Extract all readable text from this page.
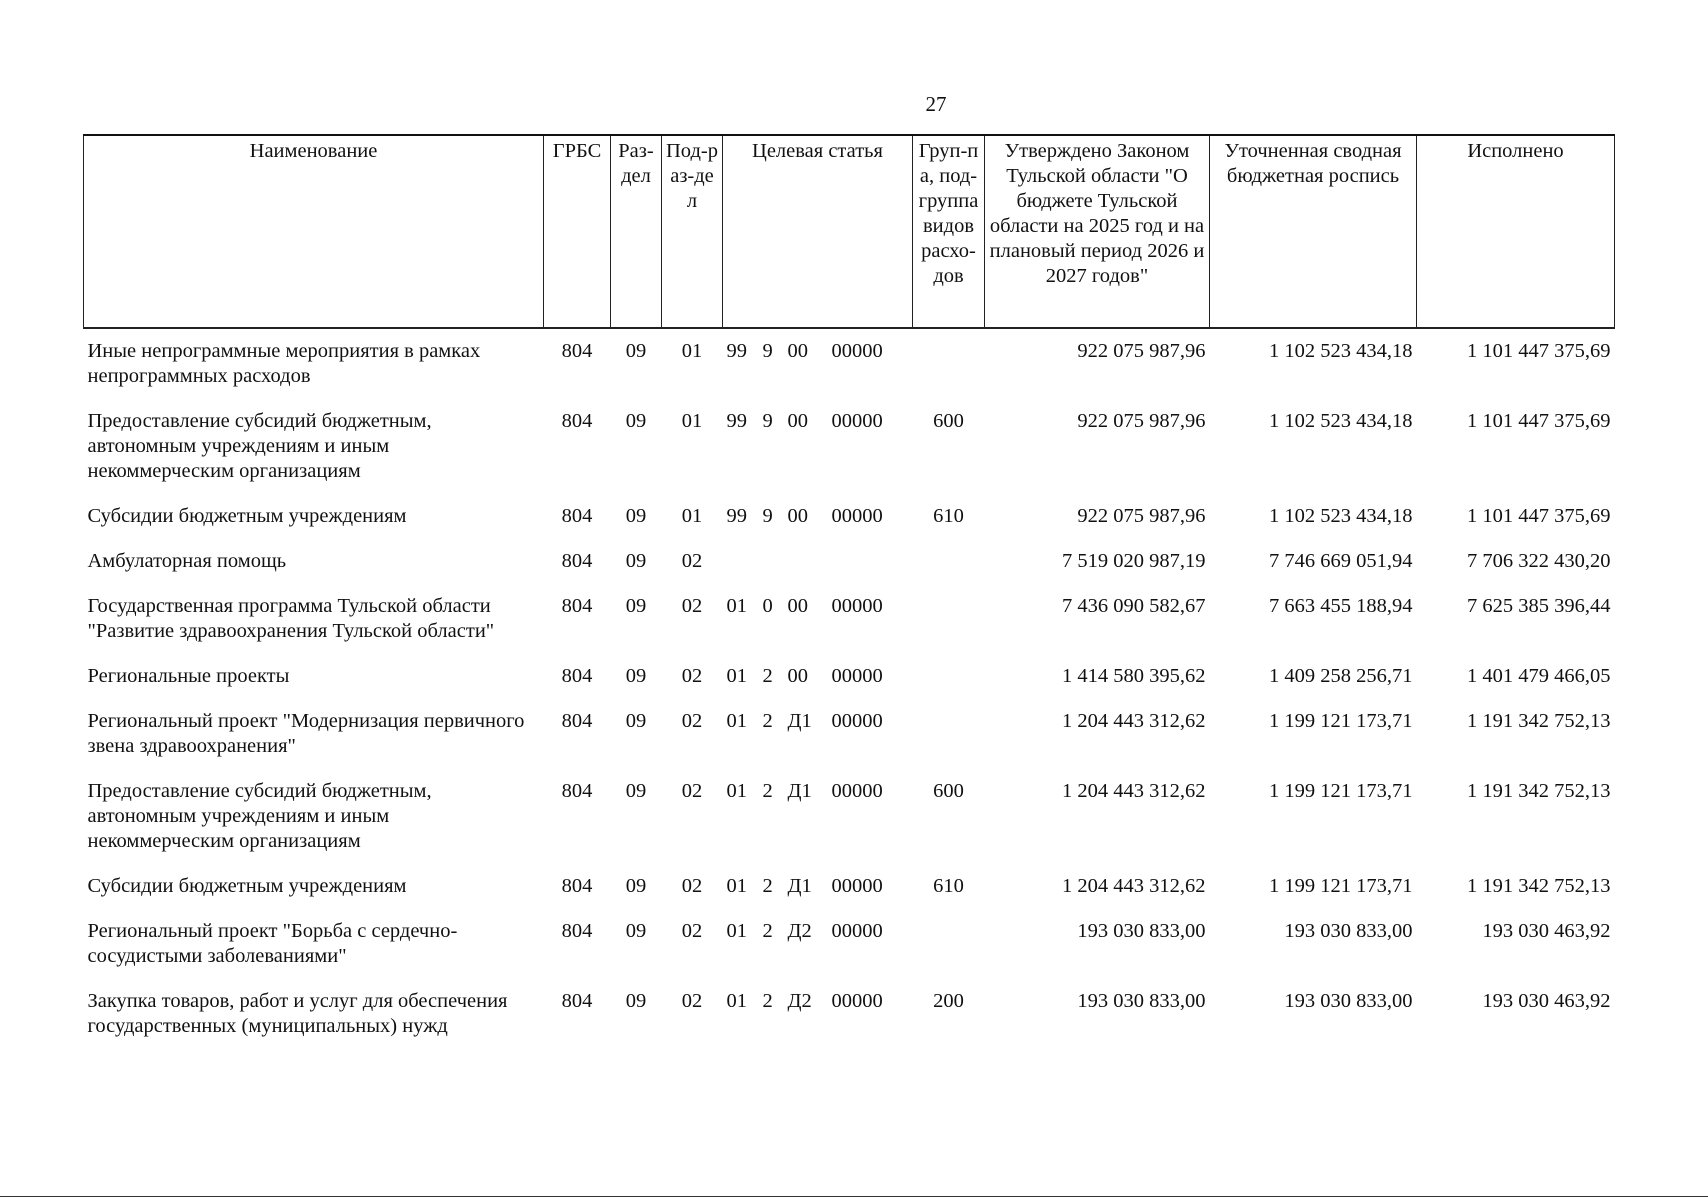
27
Наименование	ГРБС	Раз-дел	Под-раз-дел	Целевая статья	Груп-па, под-группа видов расхо-дов	Утверждено Законом Тульской области "О бюджете Тульской области на 2025 год и на плановый период 2026 и 2027 годов"	Уточненная сводная бюджетная роспись	Исполнено
Иные непрограммные мероприятия в рамках непрограммных расходов	804	09	01	99 9 00 00000		922 075 987,96	1 102 523 434,18	1 101 447 375,69
Предоставление субсидий бюджетным, автономным учреждениям и иным некоммерческим организациям	804	09	01	99 9 00 00000	600	922 075 987,96	1 102 523 434,18	1 101 447 375,69
Субсидии бюджетным учреждениям	804	09	01	99 9 00 00000	610	922 075 987,96	1 102 523 434,18	1 101 447 375,69
Амбулаторная помощь	804	09	02			7 519 020 987,19	7 746 669 051,94	7 706 322 430,20
Государственная программа Тульской области "Развитие здравоохранения Тульской области"	804	09	02	01 0 00 00000		7 436 090 582,67	7 663 455 188,94	7 625 385 396,44
Региональные проекты	804	09	02	01 2 00 00000		1 414 580 395,62	1 409 258 256,71	1 401 479 466,05
Региональный проект "Модернизация первичного звена здравоохранения"	804	09	02	01 2 Д1 00000		1 204 443 312,62	1 199 121 173,71	1 191 342 752,13
Предоставление субсидий бюджетным, автономным учреждениям и иным некоммерческим организациям	804	09	02	01 2 Д1 00000	600	1 204 443 312,62	1 199 121 173,71	1 191 342 752,13
Субсидии бюджетным учреждениям	804	09	02	01 2 Д1 00000	610	1 204 443 312,62	1 199 121 173,71	1 191 342 752,13
Региональный проект "Борьба с сердечно-сосудистыми заболеваниями"	804	09	02	01 2 Д2 00000		193 030 833,00	193 030 833,00	193 030 463,92
Закупка товаров, работ и услуг для обеспечения государственных (муниципальных) нужд	804	09	02	01 2 Д2 00000	200	193 030 833,00	193 030 833,00	193 030 463,92
